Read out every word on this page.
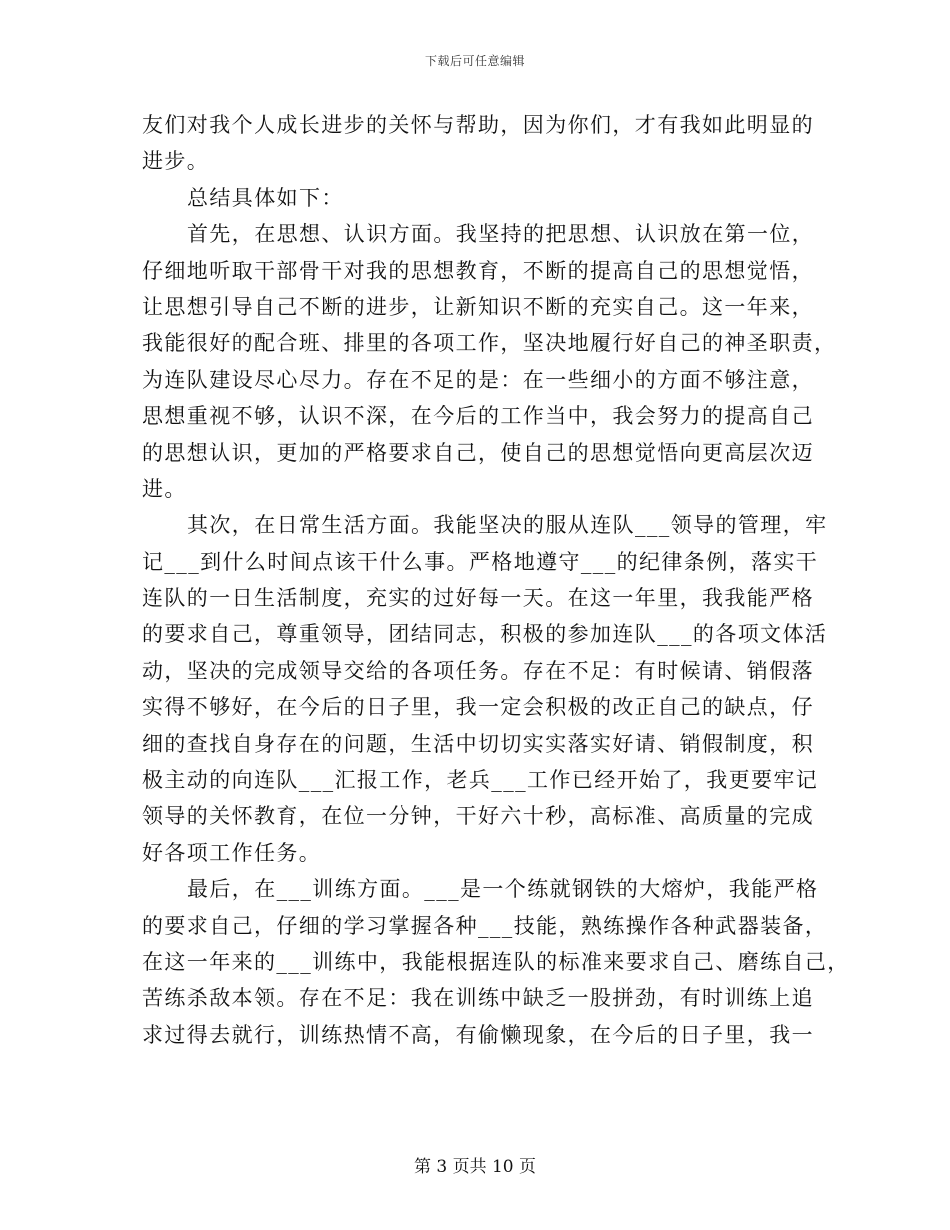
下载后可任意编辑
友们对我个人成长进步的关怀与帮助，因为你们，才有我如此明显的
进步。
总结具体如下：
首先，在思想、认识方面。我坚持的把思想、认识放在第一位，
仔细地听取干部骨干对我的思想教育，不断的提高自己的思想觉悟，
让思想引导自己不断的进步，让新知识不断的充实自己。这一年来，
我能很好的配合班、排里的各项工作，坚决地履行好自己的神圣职责，
为连队建设尽心尽力。存在不足的是：在一些细小的方面不够注意，
思想重视不够，认识不深，在今后的工作当中，我会努力的提高自己
的思想认识，更加的严格要求自己，使自己的思想觉悟向更高层次迈
进。
其次，在日常生活方面。我能坚决的服从连队___领导的管理，牢
记___到什么时间点该干什么事。严格地遵守___的纪律条例，落实干
连队的一日生活制度，充实的过好每一天。在这一年里，我我能严格
的要求自己，尊重领导，团结同志，积极的参加连队___的各项文体活
动，坚决的完成领导交给的各项任务。存在不足：有时候请、销假落
实得不够好，在今后的日子里，我一定会积极的改正自己的缺点，仔
细的查找自身存在的问题，生活中切切实实落实好请、销假制度，积
极主动的向连队___汇报工作，老兵___工作已经开始了，我更要牢记
领导的关怀教育，在位一分钟，干好六十秒，高标准、高质量的完成
好各项工作任务。
最后，在___训练方面。___是一个练就钢铁的大熔炉，我能严格
的要求自己，仔细的学习掌握各种___技能，熟练操作各种武器装备，
在这一年来的___训练中，我能根据连队的标准来要求自己、磨练自己，
苦练杀敌本领。存在不足：我在训练中缺乏一股拼劲，有时训练上追
求过得去就行，训练热情不高，有偷懒现象，在今后的日子里，我一
第 3 页共 10 页
